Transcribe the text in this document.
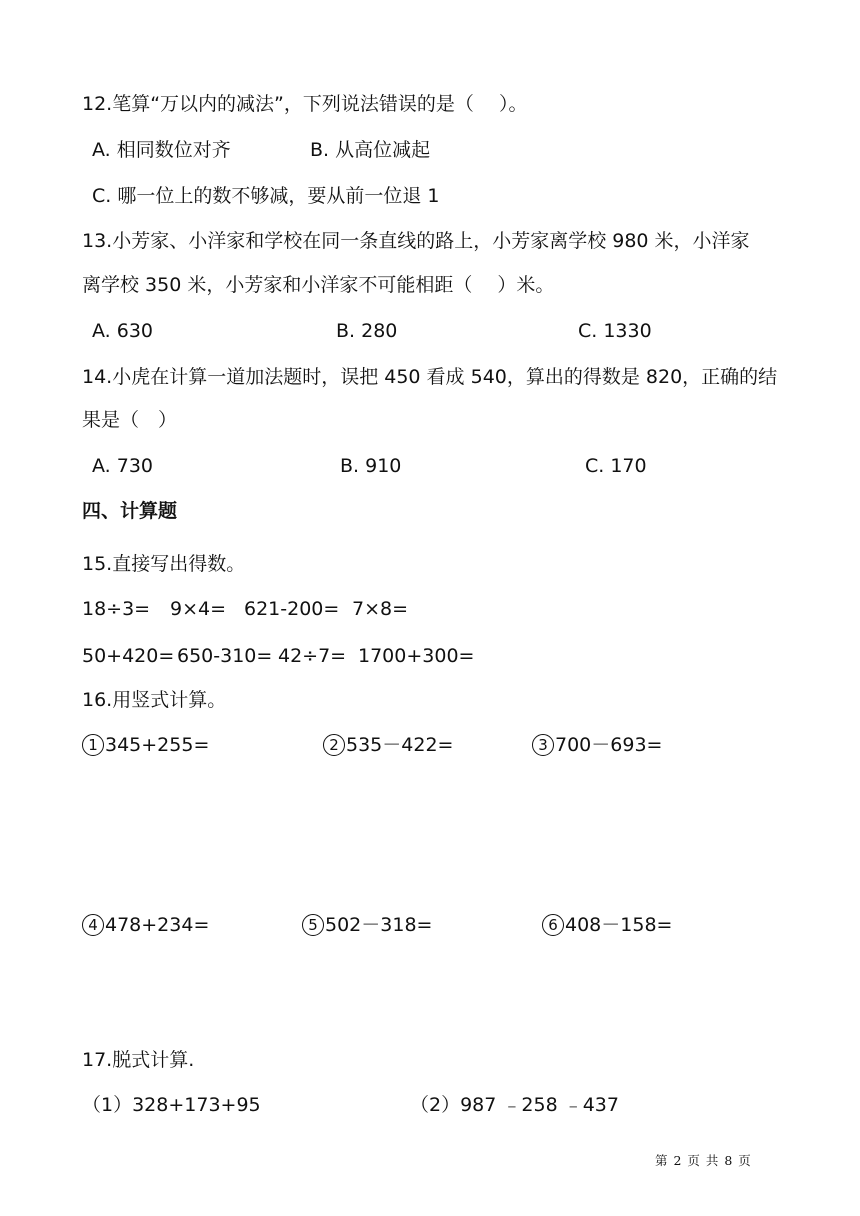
12.笔算“万以内的减法”，下列说法错误的是（　 ）。
A. 相同数位对齐	B. 从高位减起
C. 哪一位上的数不够减，要从前一位退 1
13.小芳家、小洋家和学校在同一条直线的路上，小芳家离学校 980 米，小洋家
离学校 350 米，小芳家和小洋家不可能相距（　 ）米。
A. 630	B. 280	C. 1330
14.小虎在计算一道加法题时，误把 450 看成 540，算出的得数是 820，正确的结
果是（　）
A. 730	B. 910	C. 170
四、计算题
15.直接写出得数。
18÷3= 9×4= 621-200= 7×8=
50+420= 650-310= 42÷7= 1700+300=
16.用竖式计算。
1 345+255=	2 535－422=	3 700－693=
4 478+234=	5 502－318=	6 408－158=
17.脱式计算.
（1）328+173+95	（2）987 ﹣258 ﹣437
第 2 页 共 8 页
